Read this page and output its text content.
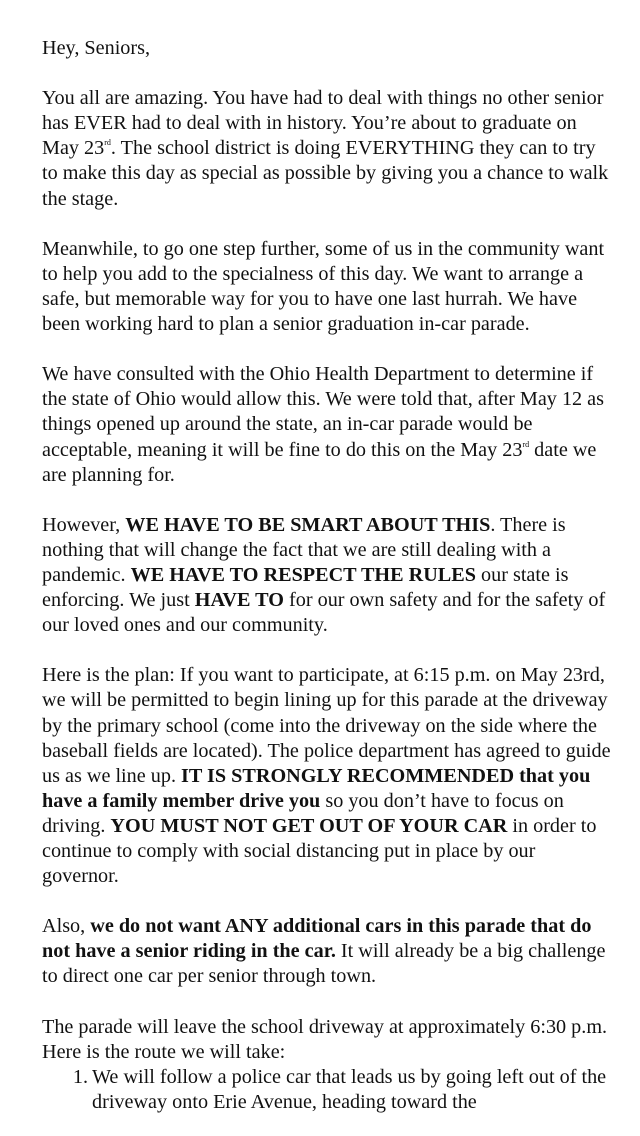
Hey, Seniors,

You all are amazing. You have had to deal with things no other senior has EVER had to deal with in history. You’re about to graduate on May 23rd. The school district is doing EVERYTHING they can to try to make this day as special as possible by giving you a chance to walk the stage.

Meanwhile, to go one step further, some of us in the community want to help you add to the specialness of this day. We want to arrange a safe, but memorable way for you to have one last hurrah. We have been working hard to plan a senior graduation in-car parade.

We have consulted with the Ohio Health Department to determine if the state of Ohio would allow this. We were told that, after May 12 as things opened up around the state, an in-car parade would be acceptable, meaning it will be fine to do this on the May 23rd date we are planning for.

However, WE HAVE TO BE SMART ABOUT THIS. There is nothing that will change the fact that we are still dealing with a pandemic. WE HAVE TO RESPECT THE RULES our state is enforcing. We just HAVE TO for our own safety and for the safety of our loved ones and our community.

Here is the plan: If you want to participate, at 6:15 p.m. on May 23rd, we will be permitted to begin lining up for this parade at the driveway by the primary school (come into the driveway on the side where the baseball fields are located). The police department has agreed to guide us as we line up. IT IS STRONGLY RECOMMENDED that you have a family member drive you so you don’t have to focus on driving. YOU MUST NOT GET OUT OF YOUR CAR in order to continue to comply with social distancing put in place by our governor.

Also, we do not want ANY additional cars in this parade that do not have a senior riding in the car. It will already be a big challenge to direct one car per senior through town.

The parade will leave the school driveway at approximately 6:30 p.m. Here is the route we will take:

1. We will follow a police car that leads us by going left out of the driveway onto Erie Avenue, heading toward the
